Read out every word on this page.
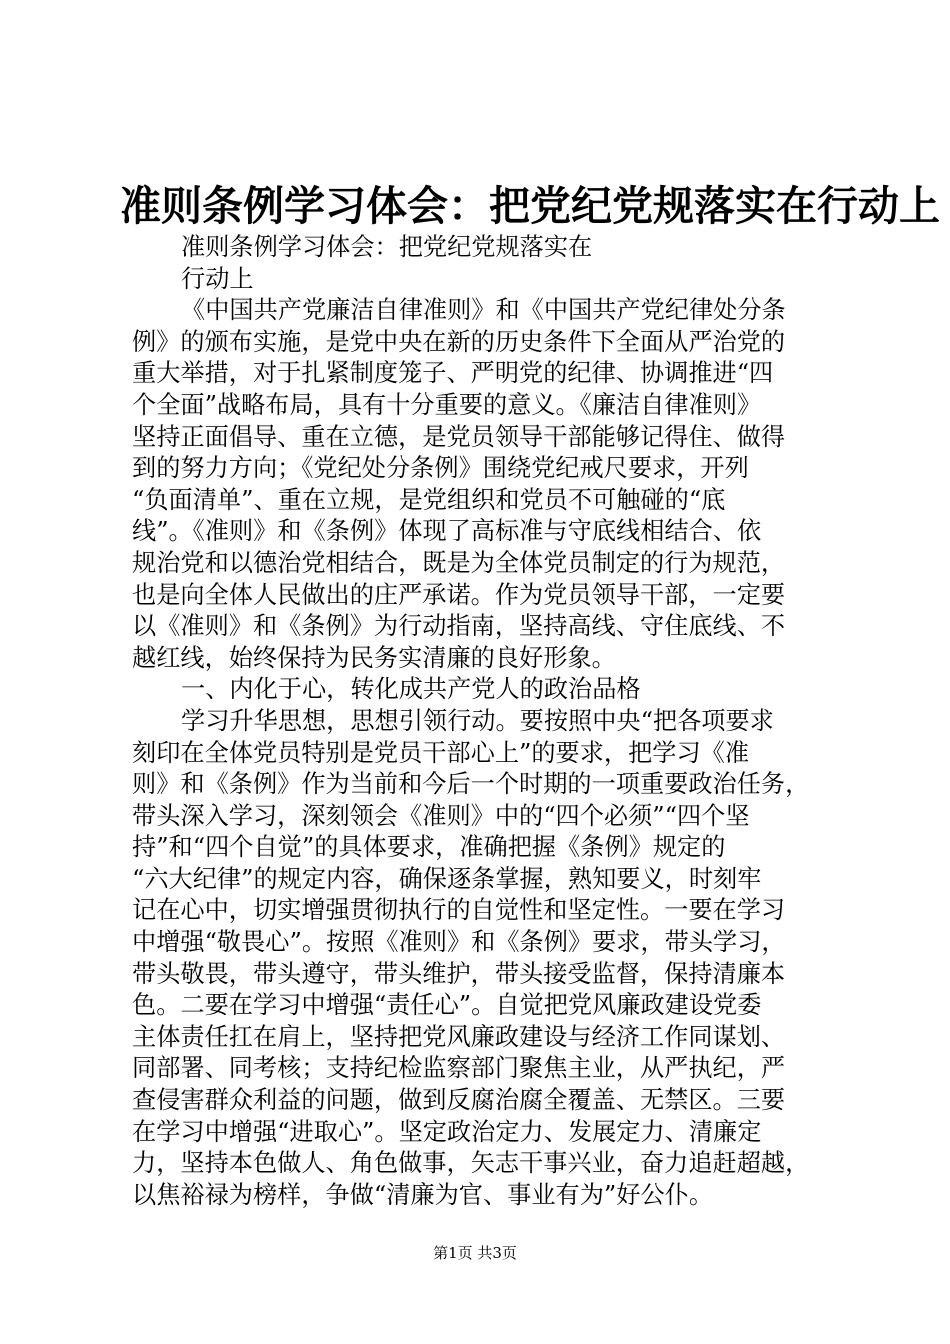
准则条例学习体会：把党纪党规落实在行动上
准则条例学习体会：把党纪党规落实在
行动上
《中国共产党廉洁自律准则》和《中国共产党纪律处分条
例》的颁布实施，是党中央在新的历史条件下全面从严治党的
重大举措，对于扎紧制度笼子、严明党的纪律、协调推进“四
个全面”战略布局，具有十分重要的意义。《廉洁自律准则》
坚持正面倡导、重在立德，是党员领导干部能够记得住、做得
到的努力方向；《党纪处分条例》围绕党纪戒尺要求，开列
“负面清单”、重在立规，是党组织和党员不可触碰的“底
线”。《准则》和《条例》体现了高标准与守底线相结合、依
规治党和以德治党相结合，既是为全体党员制定的行为规范，
也是向全体人民做出的庄严承诺。作为党员领导干部，一定要
以《准则》和《条例》为行动指南，坚持高线、守住底线、不
越红线，始终保持为民务实清廉的良好形象。
一、内化于心，转化成共产党人的政治品格
学习升华思想，思想引领行动。要按照中央“把各项要求
刻印在全体党员特别是党员干部心上”的要求，把学习《准
则》和《条例》作为当前和今后一个时期的一项重要政治任务，
带头深入学习，深刻领会《准则》中的“四个必须”“四个坚
持”和“四个自觉”的具体要求，准确把握《条例》规定的
“六大纪律”的规定内容，确保逐条掌握，熟知要义，时刻牢
记在心中，切实增强贯彻执行的自觉性和坚定性。一要在学习
中增强“敬畏心”。按照《准则》和《条例》要求，带头学习，
带头敬畏，带头遵守，带头维护，带头接受监督，保持清廉本
色。二要在学习中增强“责任心”。自觉把党风廉政建设党委
主体责任扛在肩上，坚持把党风廉政建设与经济工作同谋划、
同部署、同考核；支持纪检监察部门聚焦主业，从严执纪，严
查侵害群众利益的问题，做到反腐治腐全覆盖、无禁区。三要
在学习中增强“进取心”。坚定政治定力、发展定力、清廉定
力，坚持本色做人、角色做事，矢志干事兴业，奋力追赶超越，
以焦裕禄为榜样，争做“清廉为官、事业有为”好公仆。
第1页 共3页
